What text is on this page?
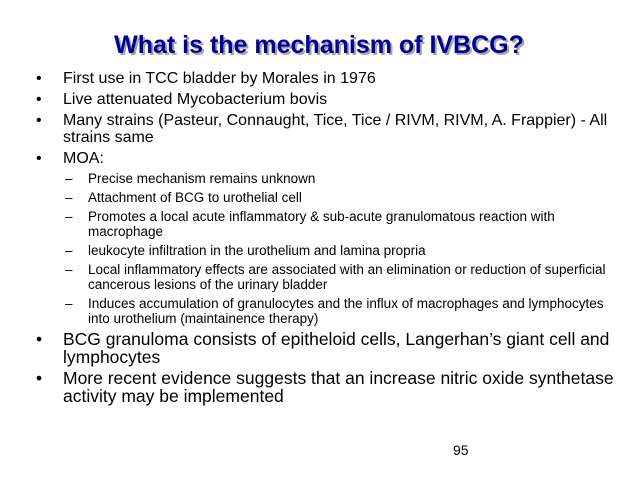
What is the mechanism of IVBCG?
•	First use in TCC bladder by Morales in 1976
•	Live attenuated Mycobacterium bovis
•	Many strains (Pasteur, Connaught, Tice, Tice / RIVM, RIVM, A. Frappier) - All strains same
•	MOA:
–	Precise mechanism remains unknown
–	Attachment of BCG to urothelial cell
–	Promotes a local acute inflammatory & sub-acute granulomatous reaction with macrophage
–	leukocyte infiltration in the urothelium and lamina propria
–	Local inflammatory effects are associated with an elimination or reduction of superficial cancerous lesions of the urinary bladder
–	Induces accumulation of granulocytes and the influx of macrophages and lymphocytes into urothelium (maintainence therapy)
•	BCG granuloma consists of epitheloid cells, Langerhan’s giant cell and lymphocytes
•	More recent evidence suggests that an increase nitric oxide synthetase activity may be implemented
95
